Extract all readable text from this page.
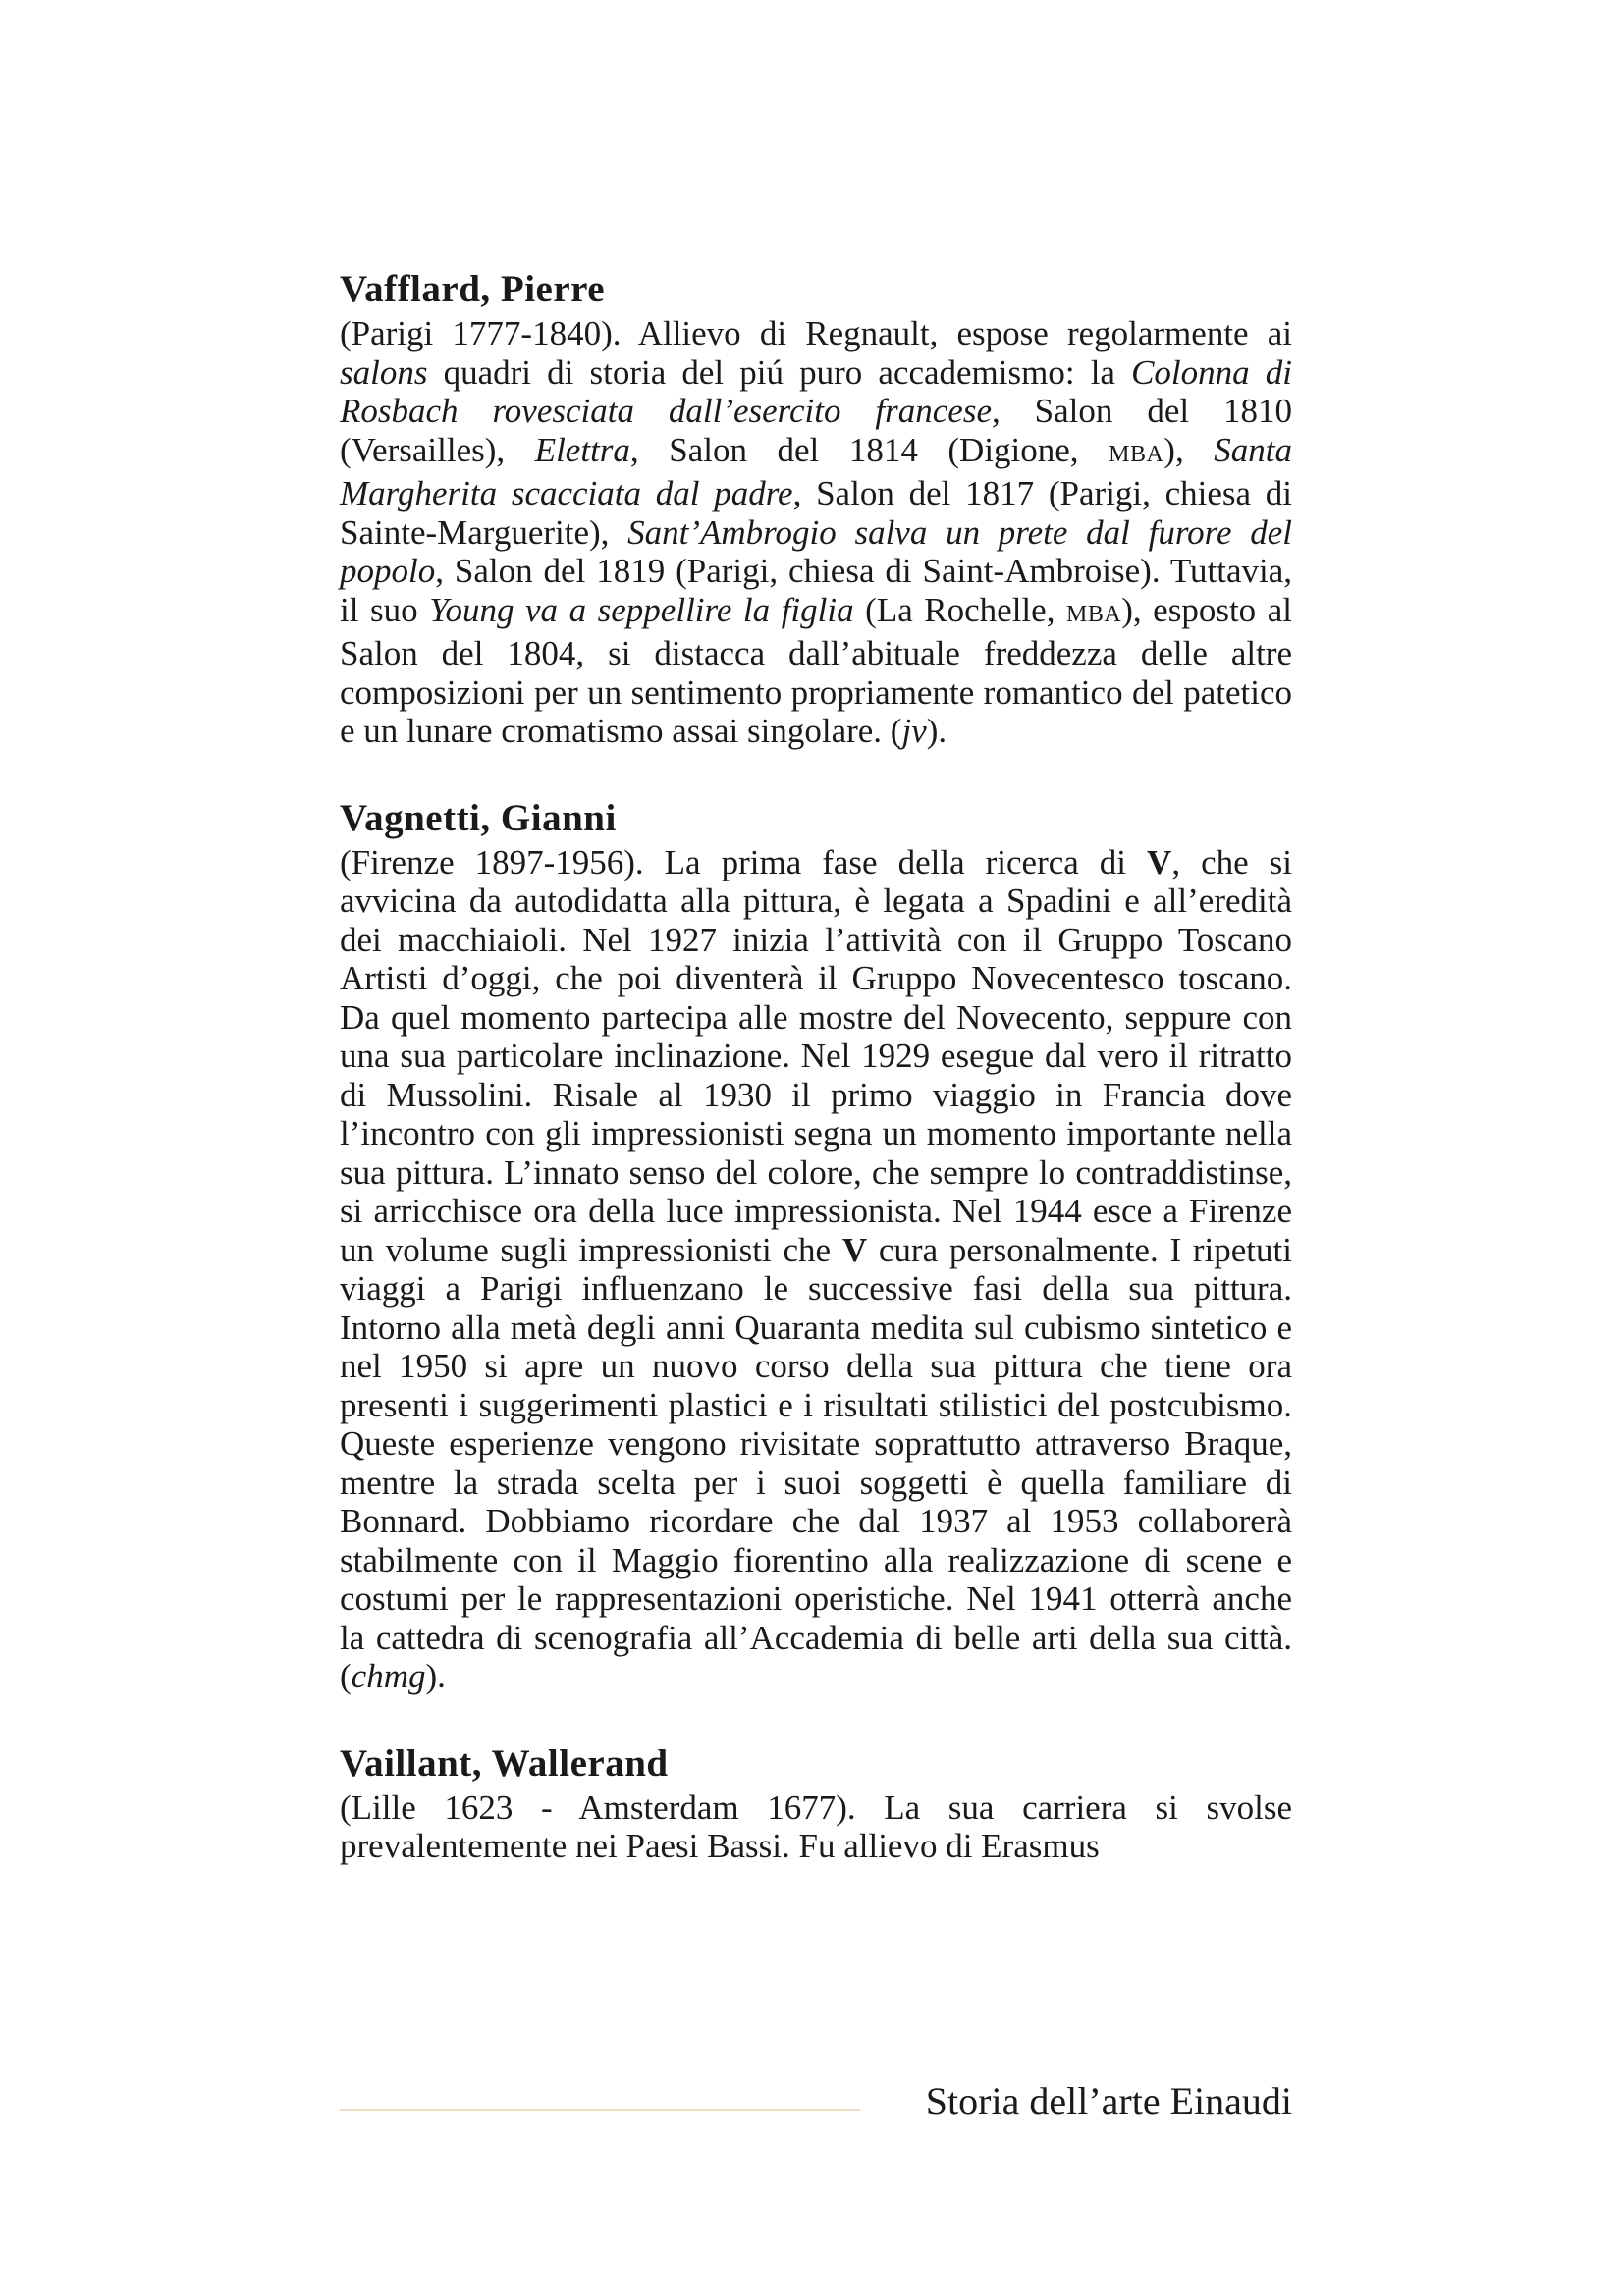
Vafflard, Pierre

(Parigi 1777-1840). Allievo di Regnault, espose regolarmente ai salons quadri di storia del piú puro accademismo: la Colonna di Rosbach rovesciata dall’esercito francese, Salon del 1810 (Versailles), Elettra, Salon del 1814 (Digione, MBA), Santa Margherita scacciata dal padre, Salon del 1817 (Parigi, chiesa di Sainte-Marguerite), Sant’Ambrogio salva un prete dal furore del popolo, Salon del 1819 (Parigi, chiesa di Saint-Ambroise). Tuttavia, il suo Young va a seppellire la figlia (La Rochelle, MBA), esposto al Salon del 1804, si distacca dall’abituale freddezza delle altre composizioni per un sentimento propriamente romantico del patetico e un lunare cromatismo assai singolare. (jv).

Vagnetti, Gianni

(Firenze 1897-1956). La prima fase della ricerca di V, che si avvicina da autodidatta alla pittura, è legata a Spadini e all’eredità dei macchiaioli. Nel 1927 inizia l’attività con il Gruppo Toscano Artisti d’oggi, che poi diventerà il Gruppo Novecentesco toscano. Da quel momento partecipa alle mostre del Novecento, seppure con una sua particolare inclinazione. Nel 1929 esegue dal vero il ritratto di Mussolini. Risale al 1930 il primo viaggio in Francia dove l’incontro con gli impressionisti segna un momento importante nella sua pittura. L’innato senso del colore, che sempre lo contraddistinse, si arricchisce ora della luce impressionista. Nel 1944 esce a Firenze un volume sugli impressionisti che V cura personalmente. I ripetuti viaggi a Parigi influenzano le successive fasi della sua pittura. Intorno alla metà degli anni Quaranta medita sul cubismo sintetico e nel 1950 si apre un nuovo corso della sua pittura che tiene ora presenti i suggerimenti plastici e i risultati stilistici del postcubismo. Queste esperienze vengono rivisitate soprattutto attraverso Braque, mentre la strada scelta per i suoi soggetti è quella familiare di Bonnard. Dobbiamo ricordare che dal 1937 al 1953 collaborerà stabilmente con il Maggio fiorentino alla realizzazione di scene e costumi per le rappresentazioni operistiche. Nel 1941 otterrà anche la cattedra di scenografia all’Accademia di belle arti della sua città. (chmg).

Vaillant, Wallerand

(Lille 1623 - Amsterdam 1677). La sua carriera si svolse prevalentemente nei Paesi Bassi. Fu allievo di Erasmus

Storia dell’arte Einaudi
